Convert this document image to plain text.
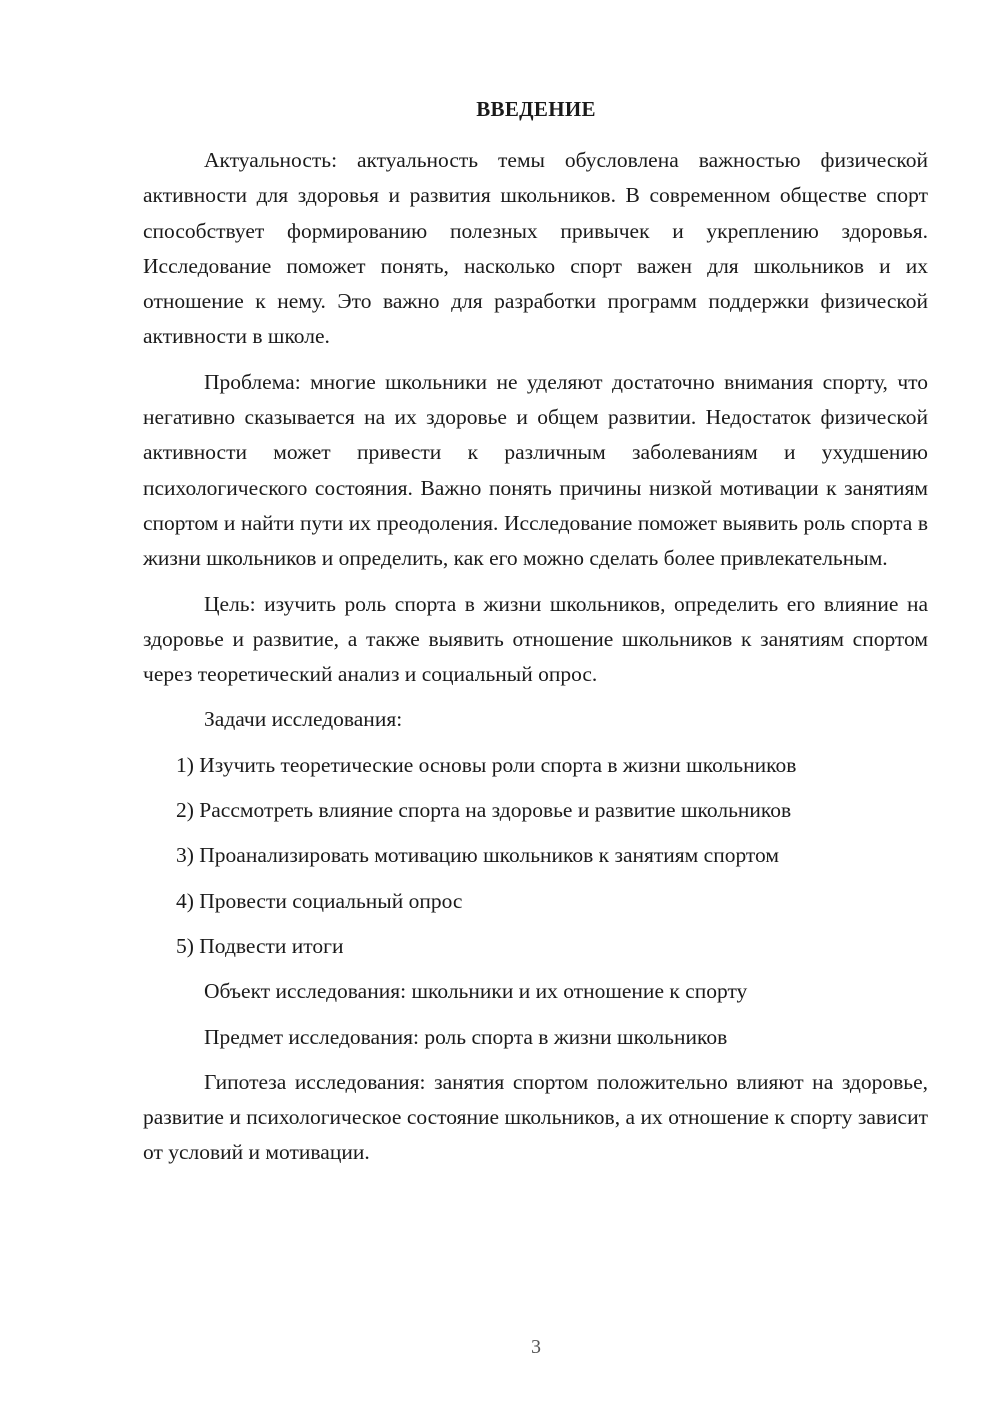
ВВЕДЕНИЕ

Актуальность: актуальность темы обусловлена важностью физической активности для здоровья и развития школьников. В современном обществе спорт способствует формированию полезных привычек и укреплению здоровья. Исследование поможет понять, насколько спорт важен для школьников и их отношение к нему. Это важно для разработки программ поддержки физической активности в школе.

Проблема: многие школьники не уделяют достаточно внимания спорту, что негативно сказывается на их здоровье и общем развитии. Недостаток физической активности может привести к различным заболеваниям и ухудшению психологического состояния. Важно понять причины низкой мотивации к занятиям спортом и найти пути их преодоления. Исследование поможет выявить роль спорта в жизни школьников и определить, как его можно сделать более привлекательным.

Цель: изучить роль спорта в жизни школьников, определить его влияние на здоровье и развитие, а также выявить отношение школьников к занятиям спортом через теоретический анализ и социальный опрос.

Задачи исследования:
1) Изучить теоретические основы роли спорта в жизни школьников
2) Рассмотреть влияние спорта на здоровье и развитие школьников
3) Проанализировать мотивацию школьников к занятиям спортом
4) Провести социальный опрос
5) Подвести итоги
Объект исследования: школьники и их отношение к спорту
Предмет исследования: роль спорта в жизни школьников

Гипотеза исследования: занятия спортом положительно влияют на здоровье, развитие и психологическое состояние школьников, а их отношение к спорту зависит от условий и мотивации.

3
